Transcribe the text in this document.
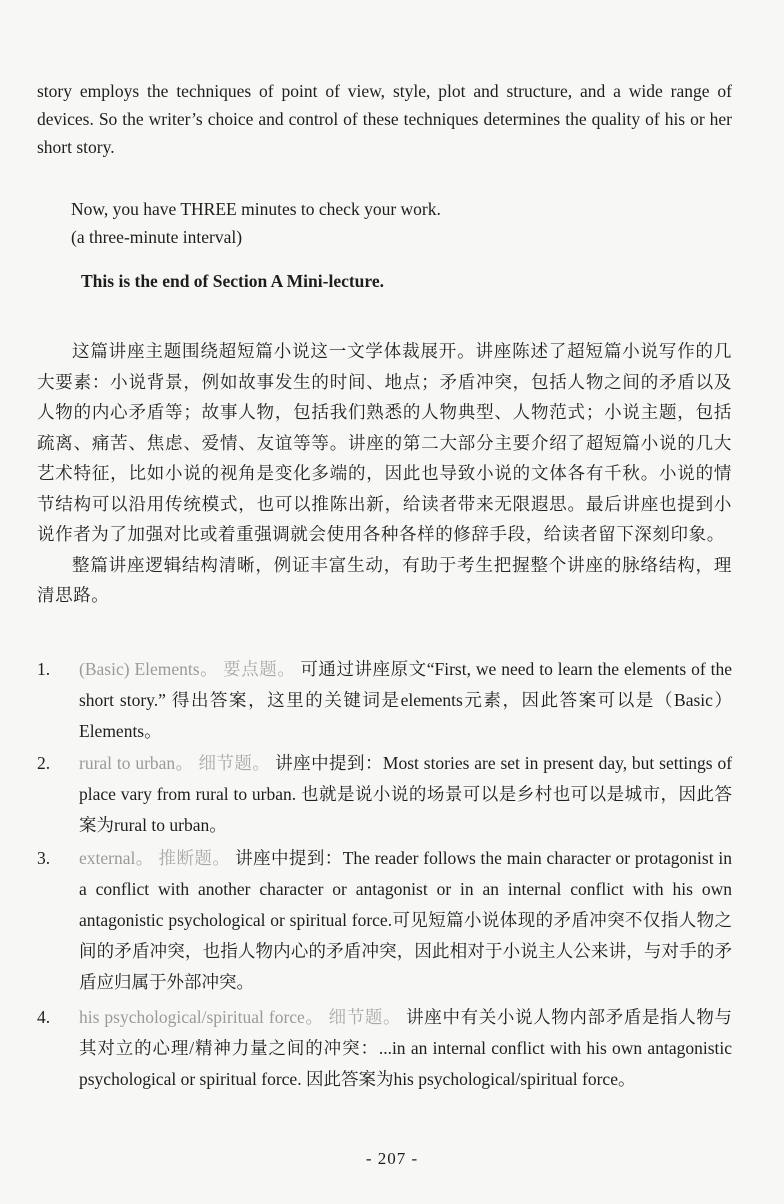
story employs the techniques of point of view, style, plot and structure, and a wide range of devices. So the writer’s choice and control of these techniques determines the quality of his or her short story.
Now, you have THREE minutes to check your work.
(a three-minute interval)
This is the end of Section A Mini-lecture.

这篇讲座主题围绕超短篇小说这一文学体裁展开。讲座陈述了超短篇小说写作的几大要素：小说背景，例如故事发生的时间、地点；矛盾冲突，包括人物之间的矛盾以及人物的内心矛盾等；故事人物，包括我们熟悉的人物典型、人物范式；小说主题，包括疏离、痛苦、焦虑、爱情、友谊等等。讲座的第二大部分主要介绍了超短篇小说的几大艺术特征，比如小说的视角是变化多端的，因此也导致小说的文体各有千秋。小说的情节结构可以沿用传统模式，也可以推陈出新，给读者带来无限遐思。最后讲座也提到小说作者为了加强对比或着重强调就会使用各种各样的修辞手段，给读者留下深刻印象。

整篇讲座逻辑结构清晰，例证丰富生动，有助于考生把握整个讲座的脉络结构，理清思路。

1.	(Basic) Elements。 要点题。 可通过讲座原文“First, we need to learn the elements of the short story.” 得出答案，这里的关键词是elements元素，因此答案可以是（Basic） Elements。
2.	rural to urban。 细节题。 讲座中提到：Most stories are set in present day, but settings of place vary from rural to urban. 也就是说小说的场景可以是乡村也可以是城市，因此答案为rural to urban。
3.	external。 推断题。 讲座中提到：The reader follows the main character or protagonist in a conflict with another character or antagonist or in an internal conflict with his own antagonistic psychological or spiritual force.可见短篇小说体现的矛盾冲突不仅指人物之间的矛盾冲突，也指人物内心的矛盾冲突，因此相对于小说主人公来讲，与对手的矛盾应归属于外部冲突。
4.	his psychological/spiritual force。 细节题。 讲座中有关小说人物内部矛盾是指人物与其对立的心理/精神力量之间的冲突：...in an internal conflict with his own antagonistic psychological or spiritual force. 因此答案为his psychological/spiritual force。
- 207 -
